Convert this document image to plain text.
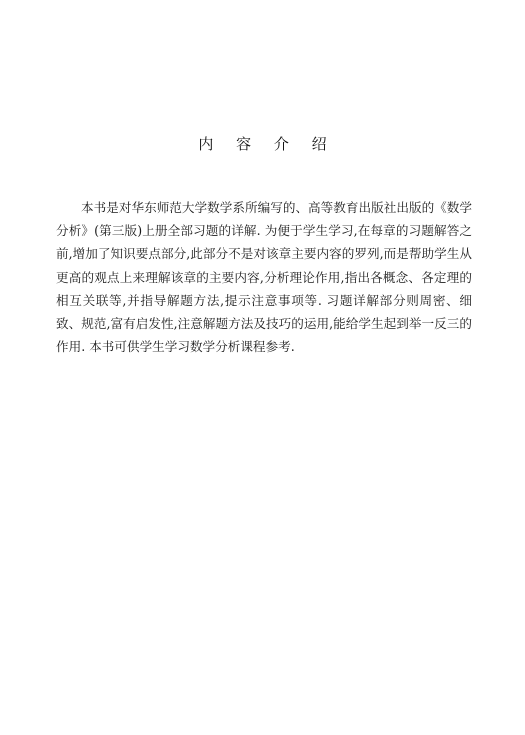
内 容 介 绍

本书是对华东师范大学数学系所编写的、高等教育出版社出版的《数学分析》(第三版)上册全部习题的详解. 为便于学生学习,在每章的习题解答之前,增加了知识要点部分,此部分不是对该章主要内容的罗列,而是帮助学生从更高的观点上来理解该章的主要内容,分析理论作用,指出各概念、各定理的相互关联等,并指导解题方法,提示注意事项等. 习题详解部分则周密、细致、规范,富有启发性,注意解题方法及技巧的运用,能给学生起到举一反三的作用. 本书可供学生学习数学分析课程参考.
